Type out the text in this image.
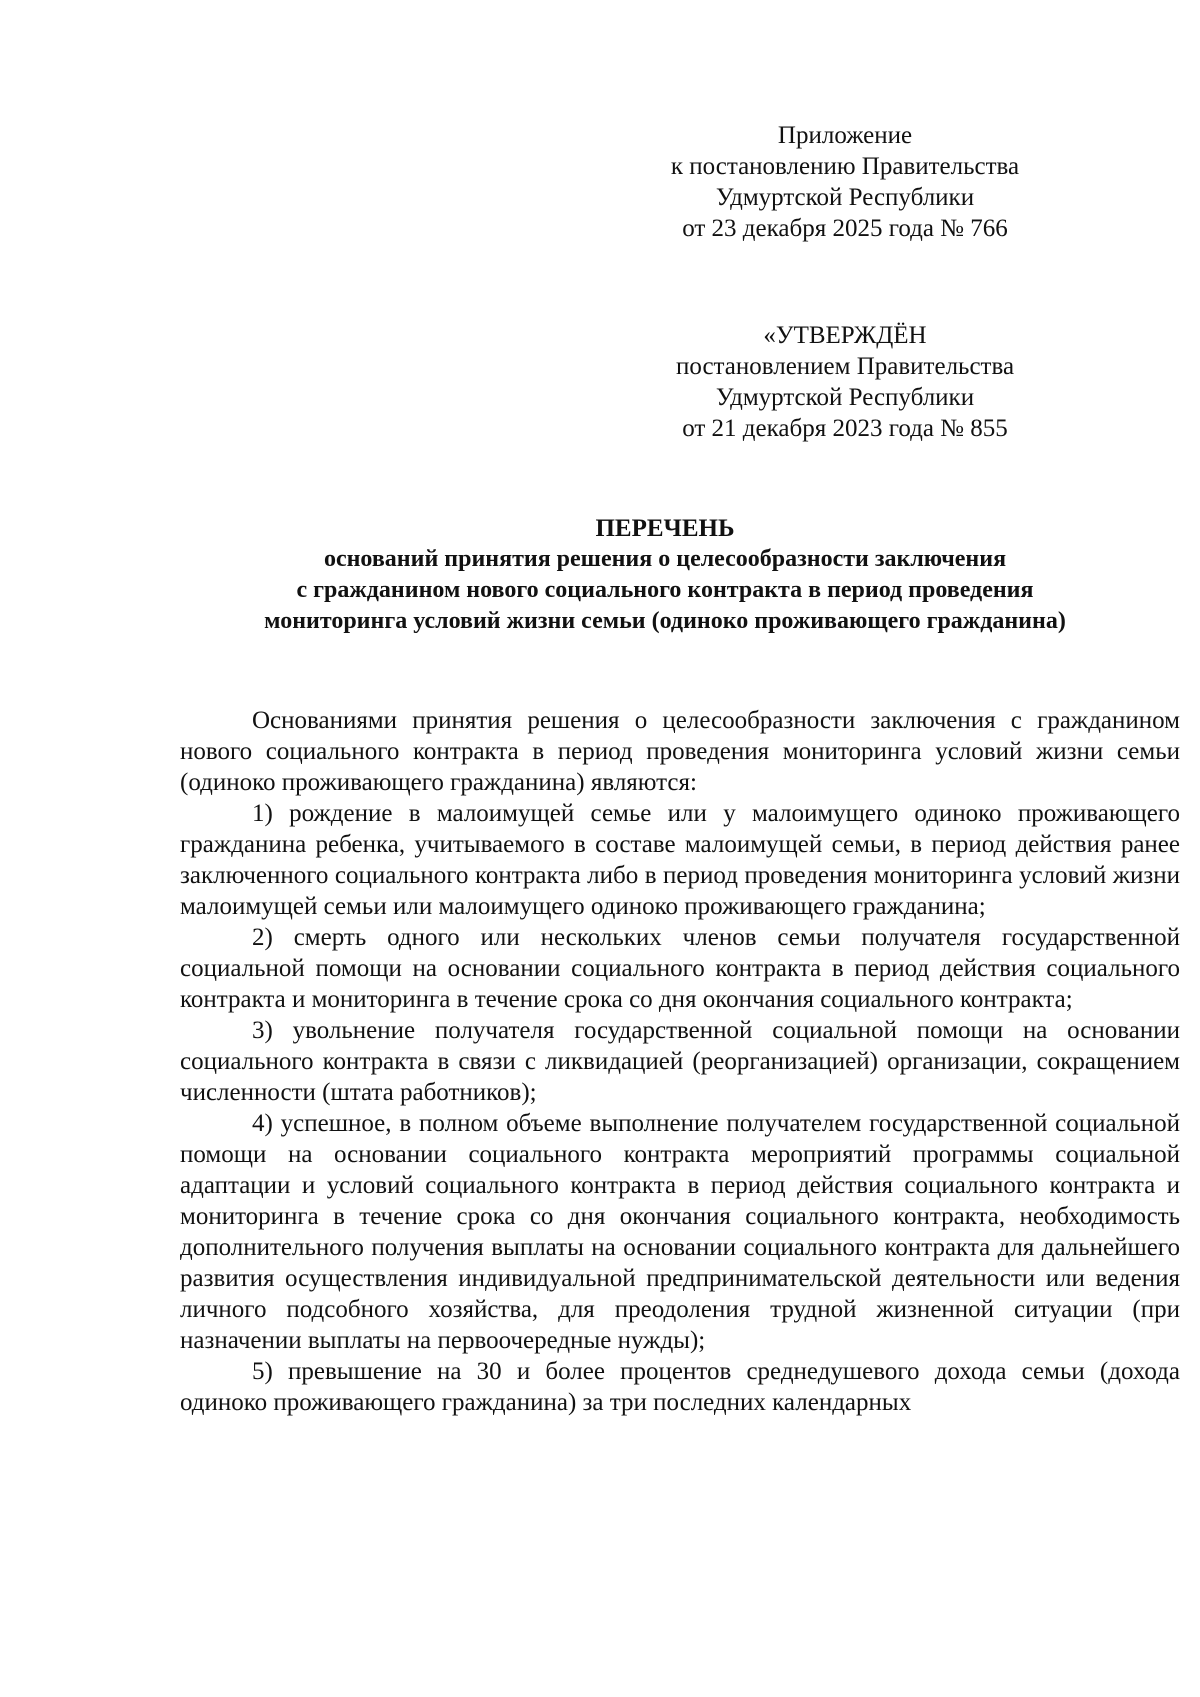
Приложение
к постановлению Правительства
Удмуртской Республики
от 23 декабря 2025 года № 766
«УТВЕРЖДЁН
постановлением Правительства
Удмуртской Республики
от 21 декабря 2023 года № 855
ПЕРЕЧЕНЬ
оснований принятия решения о целесообразности заключения
с гражданином нового социального контракта в период проведения
мониторинга условий жизни семьи (одиноко проживающего гражданина)

Основаниями принятия решения о целесообразности заключения с гражданином нового социального контракта в период проведения мониторинга условий жизни семьи (одиноко проживающего гражданина) являются:

1) рождение в малоимущей семье или у малоимущего одиноко проживающего гражданина ребенка, учитываемого в составе малоимущей семьи, в период действия ранее заключенного социального контракта либо в период проведения мониторинга условий жизни малоимущей семьи или малоимущего одиноко проживающего гражданина;

2) смерть одного или нескольких членов семьи получателя государственной социальной помощи на основании социального контракта в период действия социального контракта и мониторинга в течение срока со дня окончания социального контракта;

3) увольнение получателя государственной социальной помощи на основании социального контракта в связи с ликвидацией (реорганизацией) организации, сокращением численности (штата работников);

4) успешное, в полном объеме выполнение получателем государственной социальной помощи на основании социального контракта мероприятий программы социальной адаптации и условий социального контракта в период действия социального контракта и мониторинга в течение срока со дня окончания социального контракта, необходимость дополнительного получения выплаты на основании социального контракта для дальнейшего развития осуществления индивидуальной предпринимательской деятельности или ведения личного подсобного хозяйства, для преодоления трудной жизненной ситуации (при назначении выплаты на первоочередные нужды);

5) превышение на 30 и более процентов среднедушевого дохода семьи (дохода одиноко проживающего гражданина) за три последних календарных
